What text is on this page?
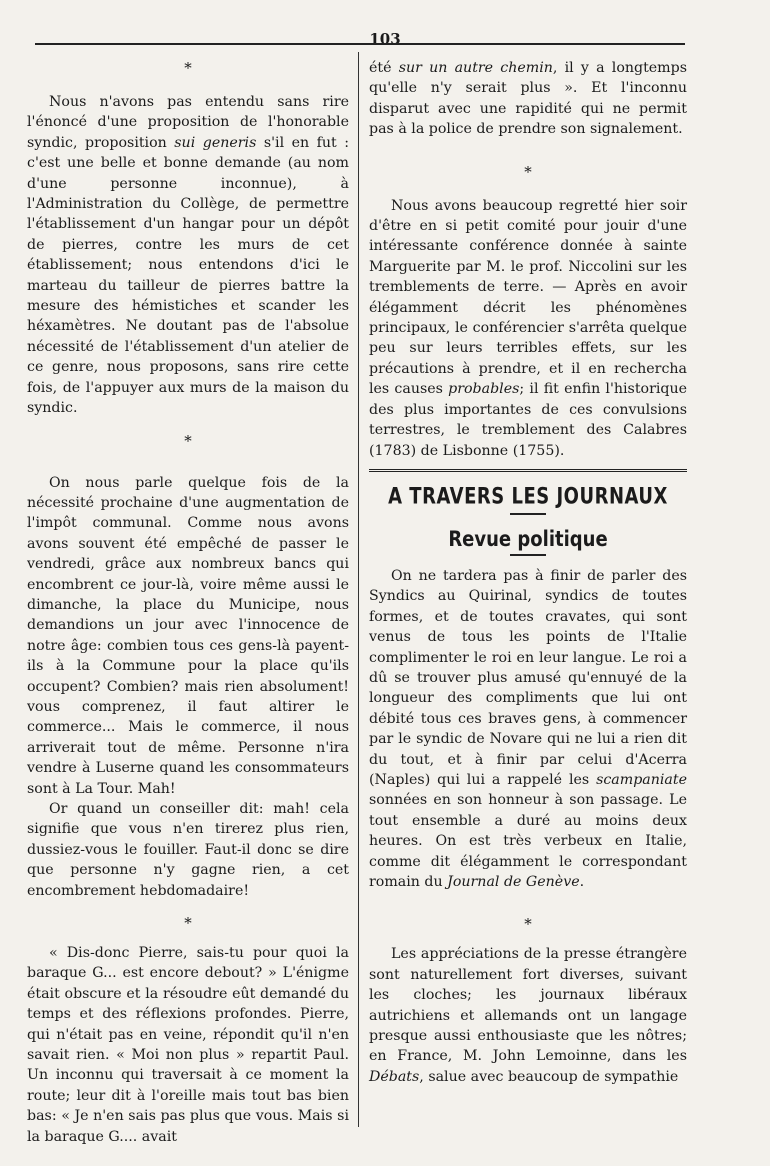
103

*

Nous n'avons pas entendu sans rire l'énoncé d'une proposition de l'honorable syndic, proposition sui generis s'il en fut : c'est une belle et bonne demande (au nom d'une personne inconnue), à l'Administration du Collège, de permettre l'établissement d'un hangar pour un dépôt de pierres, contre les murs de cet établissement; nous entendons d'ici le marteau du tailleur de pierres battre la mesure des hémistiches et scander les héxamètres. Ne doutant pas de l'absolue nécessité de l'établissement d'un atelier de ce genre, nous proposons, sans rire cette fois, de l'appuyer aux murs de la maison du syndic.

*

On nous parle quelque fois de la nécessité prochaine d'une augmentation de l'impôt communal. Comme nous avons avons souvent été empêché de passer le vendredi, grâce aux nombreux bancs qui encombrent ce jour-là, voire même aussi le dimanche, la place du Municipe, nous demandions un jour avec l'innocence de notre âge: combien tous ces gens-là payent-ils à la Commune pour la place qu'ils occupent? Combien? mais rien absolument! vous comprenez, il faut altirer le commerce... Mais le commerce, il nous arriverait tout de même. Personne n'ira vendre à Luserne quand les consommateurs sont à La Tour. Mah!

Or quand un conseiller dit: mah! cela signifie que vous n'en tirerez plus rien, dussiez-vous le fouiller. Faut-il donc se dire que personne n'y gagne rien, a cet encombrement hebdomadaire!

*

« Dis-donc Pierre, sais-tu pour quoi la baraque G... est encore debout? » L'énigme était obscure et la résoudre eût demandé du temps et des réflexions profondes. Pierre, qui n'était pas en veine, répondit qu'il n'en savait rien. « Moi non plus » repartit Paul. Un inconnu qui traversait à ce moment la route; leur dit à l'oreille mais tout bas bien bas: « Je n'en sais pas plus que vous. Mais si la baraque G.... avait

été sur un autre chemin, il y a longtemps qu'elle n'y serait plus ». Et l'inconnu disparut avec une rapidité qui ne permit pas à la police de prendre son signalement.

*

Nous avons beaucoup regretté hier soir d'être en si petit comité pour jouir d'une intéressante conférence donnée à sainte Marguerite par M. le prof. Niccolini sur les tremblements de terre. — Après en avoir élégamment décrit les phénomènes principaux, le conférencier s'arrêta quelque peu sur leurs terribles effets, sur les précautions à prendre, et il en rechercha les causes probables; il fit enfin l'historique des plus importantes de ces convulsions terrestres, le tremblement des Calabres (1783) de Lisbonne (1755).

A TRAVERS LES JOURNAUX
Revue politique

On ne tardera pas à finir de parler des Syndics au Quirinal, syndics de toutes formes, et de toutes cravates, qui sont venus de tous les points de l'Italie complimenter le roi en leur langue. Le roi a dû se trouver plus amusé qu'ennuyé de la longueur des compliments que lui ont débité tous ces braves gens, à commencer par le syndic de Novare qui ne lui a rien dit du tout, et à finir par celui d'Acerra (Naples) qui lui a rappelé les scampaniate sonnées en son honneur à son passage. Le tout ensemble a duré au moins deux heures. On est très verbeux en Italie, comme dit élégamment le correspondant romain du Journal de Genève.

*

Les appréciations de la presse étrangère sont naturellement fort diverses, suivant les cloches; les journaux libéraux autrichiens et allemands ont un langage presque aussi enthousiaste que les nôtres; en France, M. John Lemoinne, dans les Débats, salue avec beaucoup de sympathie
